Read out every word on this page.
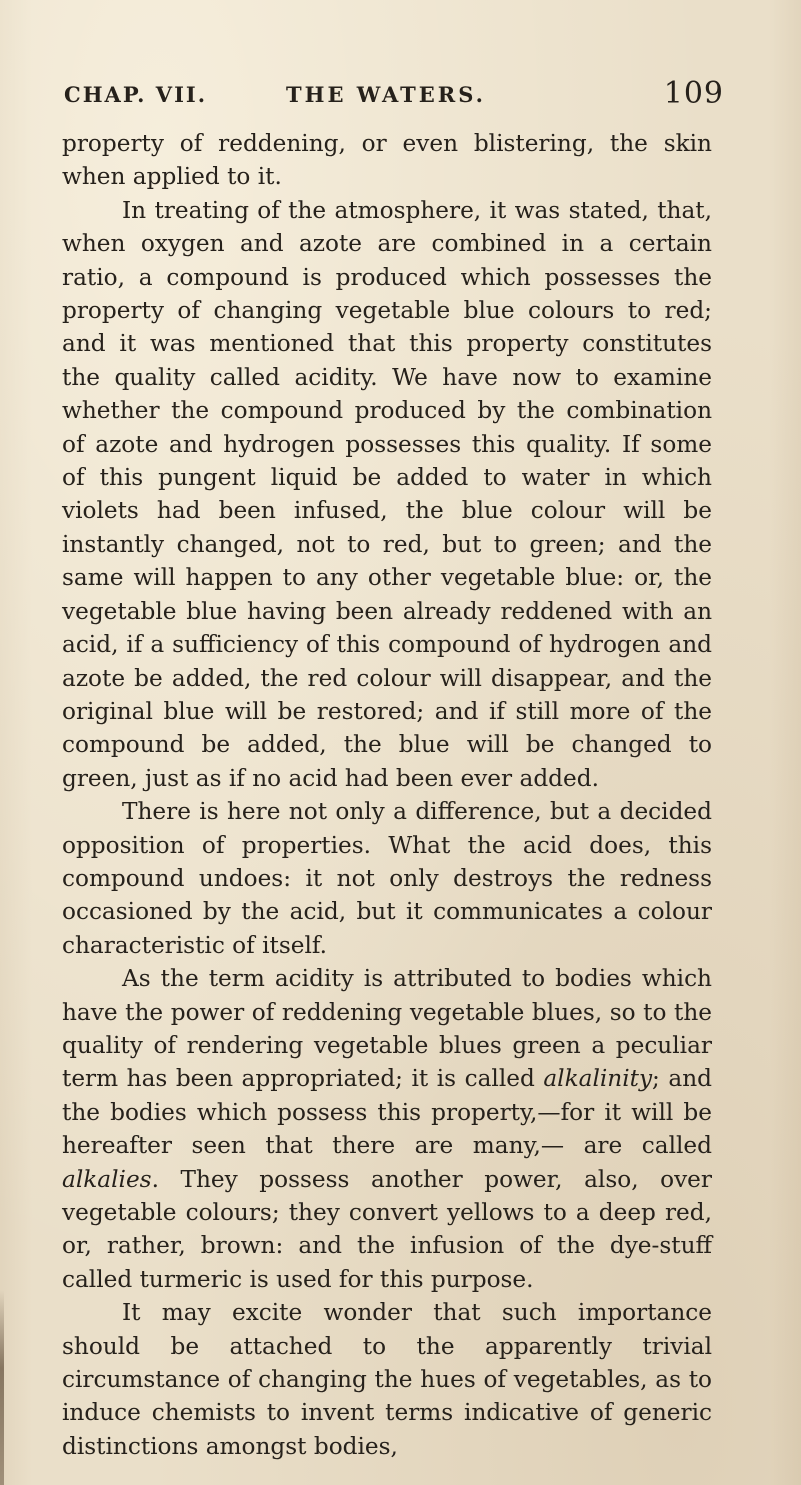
CHAP. VII.	THE WATERS.	109

property of reddening, or even blistering, the skin when applied to it.

In treating of the atmosphere, it was stated, that, when oxygen and azote are combined in a certain ratio, a compound is produced which possesses the property of changing vegetable blue colours to red; and it was mentioned that this property constitutes the quality called acidity. We have now to examine whether the compound produced by the combination of azote and hydrogen possesses this quality. If some of this pungent liquid be added to water in which violets had been infused, the blue colour will be instantly changed, not to red, but to green; and the same will happen to any other vegetable blue: or, the vegetable blue having been already reddened with an acid, if a sufficiency of this compound of hydrogen and azote be added, the red colour will disappear, and the original blue will be restored; and if still more of the compound be added, the blue will be changed to green, just as if no acid had been ever added.

There is here not only a difference, but a decided opposition of properties. What the acid does, this compound undoes: it not only destroys the redness occasioned by the acid, but it communicates a colour characteristic of itself.

As the term acidity is attributed to bodies which have the power of reddening vegetable blues, so to the quality of rendering vegetable blues green a peculiar term has been appropriated; it is called alkalinity; and the bodies which possess this property,—for it will be hereafter seen that there are many,— are called alkalies. They possess another power, also, over vegetable colours; they convert yellows to a deep red, or, rather, brown: and the infusion of the dye-stuff called turmeric is used for this purpose.

It may excite wonder that such importance should be attached to the apparently trivial circumstance of changing the hues of vegetables, as to induce chemists to invent terms indicative of generic distinctions amongst bodies,
